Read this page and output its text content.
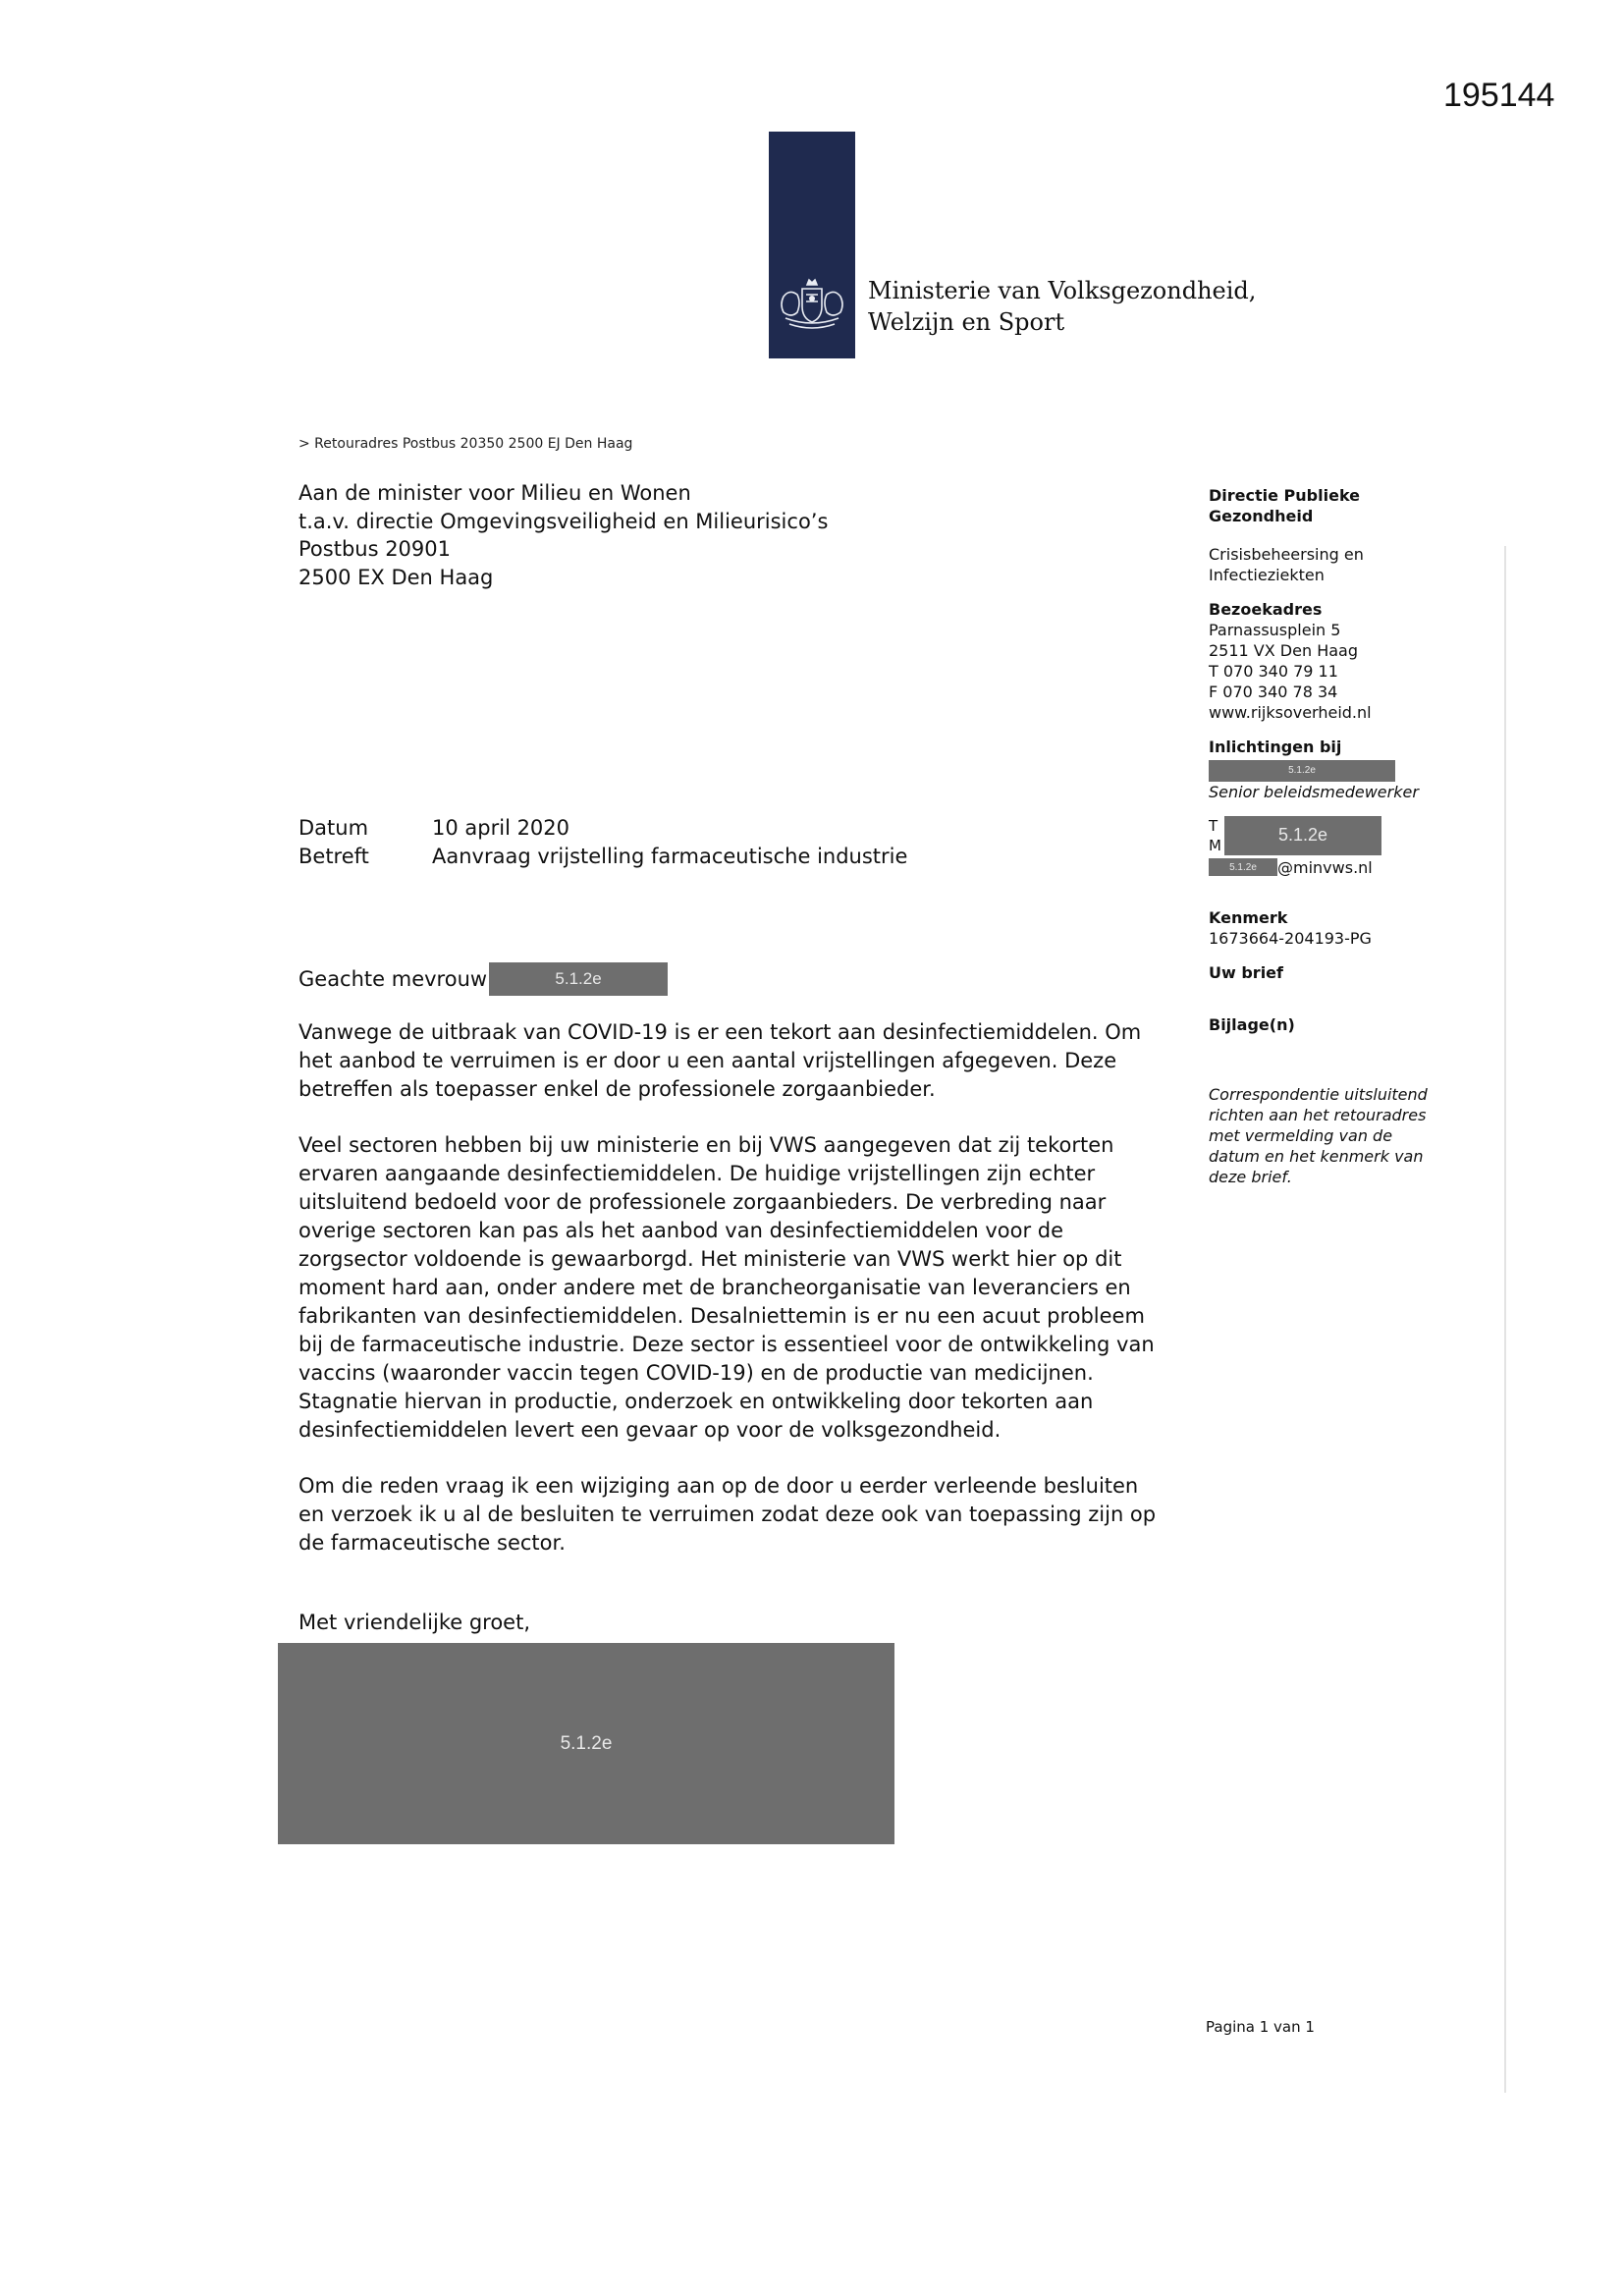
195144
Ministerie van Volksgezondheid,
Welzijn en Sport
> Retouradres Postbus 20350 2500 EJ Den Haag
Aan de minister voor Milieu en Wonen
t.a.v. directie Omgevingsveiligheid en Milieurisico’s
Postbus 20901
2500 EX Den Haag
Datum	10 april 2020
Betreft	Aanvraag vrijstelling farmaceutische industrie
Geachte mevrouw	5.1.2e

Vanwege de uitbraak van COVID-19 is er een tekort aan desinfectiemiddelen. Om
het aanbod te verruimen is er door u een aantal vrijstellingen afgegeven. Deze
betreffen als toepasser enkel de professionele zorgaanbieder.

Veel sectoren hebben bij uw ministerie en bij VWS aangegeven dat zij tekorten
ervaren aangaande desinfectiemiddelen. De huidige vrijstellingen zijn echter
uitsluitend bedoeld voor de professionele zorgaanbieders. De verbreding naar
overige sectoren kan pas als het aanbod van desinfectiemiddelen voor de
zorgsector voldoende is gewaarborgd. Het ministerie van VWS werkt hier op dit
moment hard aan, onder andere met de brancheorganisatie van leveranciers en
fabrikanten van desinfectiemiddelen. Desalniettemin is er nu een acuut probleem
bij de farmaceutische industrie. Deze sector is essentieel voor de ontwikkeling van
vaccins (waaronder vaccin tegen COVID-19) en de productie van medicijnen.
Stagnatie hiervan in productie, onderzoek en ontwikkeling door tekorten aan
desinfectiemiddelen levert een gevaar op voor de volksgezondheid.

Om die reden vraag ik een wijziging aan op de door u eerder verleende besluiten
en verzoek ik u al de besluiten te verruimen zodat deze ook van toepassing zijn op
de farmaceutische sector.

Met vriendelijke groet,
5.1.2e
Directie Publieke
Gezondheid
Crisisbeheersing en
Infectieziekten
Bezoekadres
Parnassusplein 5
2511 VX Den Haag
T 070 340 79 11
F 070 340 78 34
www.rijksoverheid.nl
Inlichtingen bij
5.1.2e
Senior beleidsmedewerker
T
M
5.1.2e
5.1.2e	@minvws.nl
Kenmerk
1673664-204193-PG
Uw brief
Bijlage(n)
Correspondentie uitsluitend
richten aan het retouradres
met vermelding van de
datum en het kenmerk van
deze brief.
Pagina 1 van 1
